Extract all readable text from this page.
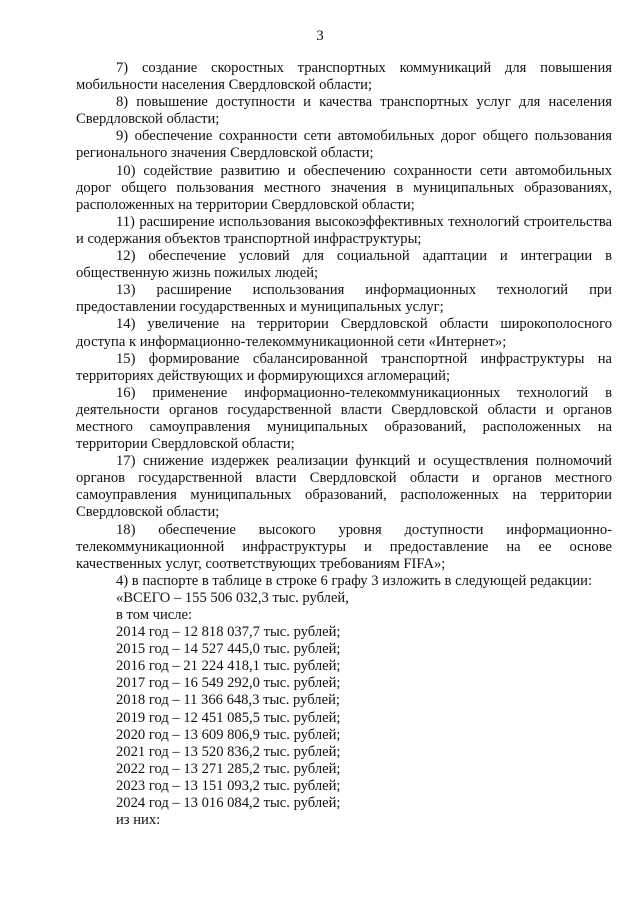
3

7) создание скоростных транспортных коммуникаций для повышения мобильности населения Свердловской области;

8) повышение доступности и качества транспортных услуг для населения Свердловской области;

9) обеспечение сохранности сети автомобильных дорог общего пользования регионального значения Свердловской области;

10) содействие развитию и обеспечению сохранности сети автомобильных дорог общего пользования местного значения в муниципальных образованиях, расположенных на территории Свердловской области;

11) расширение использования высокоэффективных технологий строительства и содержания объектов транспортной инфраструктуры;

12) обеспечение условий для социальной адаптации и интеграции в общественную жизнь пожилых людей;

13) расширение использования информационных технологий при предоставлении государственных и муниципальных услуг;

14) увеличение на территории Свердловской области широкополосного доступа к информационно-телекоммуникационной сети «Интернет»;

15) формирование сбалансированной транспортной инфраструктуры на территориях действующих и формирующихся агломераций;

16) применение информационно-телекоммуникационных технологий в деятельности органов государственной власти Свердловской области и органов местного самоуправления муниципальных образований, расположенных на территории Свердловской области;

17) снижение издержек реализации функций и осуществления полномочий органов государственной власти Свердловской области и органов местного самоуправления муниципальных образований, расположенных на территории Свердловской области;

18) обеспечение высокого уровня доступности информационно-телекоммуникационной инфраструктуры и предоставление на ее основе качественных услуг, соответствующих требованиям FIFA»;

4) в паспорте в таблице в строке 6 графу 3 изложить в следующей редакции:

«ВСЕГО – 155 506 032,3 тыс. рублей,

в том числе:

2014 год – 12 818 037,7 тыс. рублей;

2015 год – 14 527 445,0 тыс. рублей;

2016 год – 21 224 418,1 тыс. рублей;

2017 год – 16 549 292,0 тыс. рублей;

2018 год – 11 366 648,3 тыс. рублей;

2019 год – 12 451 085,5 тыс. рублей;

2020 год – 13 609 806,9 тыс. рублей;

2021 год – 13 520 836,2 тыс. рублей;

2022 год – 13 271 285,2 тыс. рублей;

2023 год – 13 151 093,2 тыс. рублей;

2024 год – 13 016 084,2 тыс. рублей;

из них:
